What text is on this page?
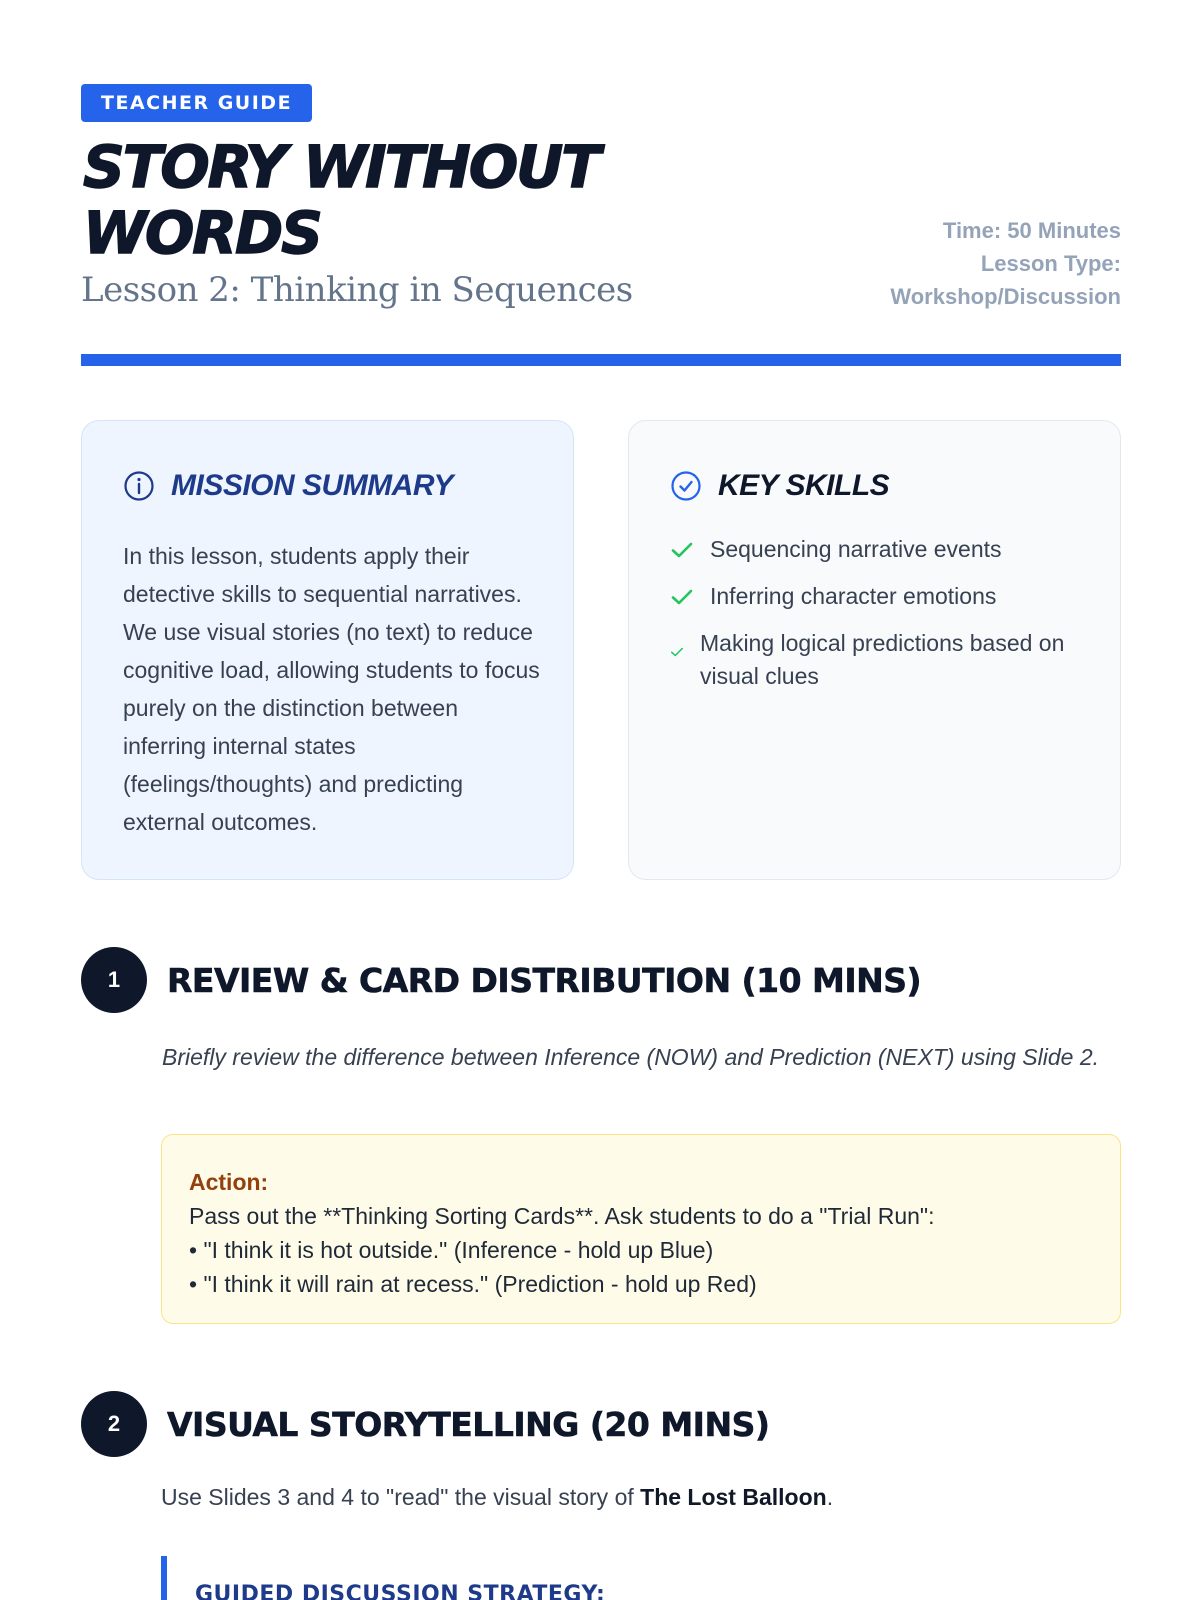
TEACHER GUIDE
STORY WITHOUT WORDS
Lesson 2: Thinking in Sequences
Time: 50 Minutes
Lesson Type:
Workshop/Discussion
MISSION SUMMARY

In this lesson, students apply their detective skills to sequential narratives. We use visual stories (no text) to reduce cognitive load, allowing students to focus purely on the distinction between inferring internal states (feelings/thoughts) and predicting external outcomes.

KEY SKILLS
Sequencing narrative events
Inferring character emotions
Making logical predictions based on visual clues
1	REVIEW & CARD DISTRIBUTION (10 MINS)

Briefly review the difference between Inference (NOW) and Prediction (NEXT) using Slide 2.

Action:
Pass out the **Thinking Sorting Cards**. Ask students to do a "Trial Run":
• "I think it is hot outside." (Inference - hold up Blue)
• "I think it will rain at recess." (Prediction - hold up Red)
2	VISUAL STORYTELLING (20 MINS)

Use Slides 3 and 4 to "read" the visual story of The Lost Balloon.

GUIDED DISCUSSION STRATEGY:
